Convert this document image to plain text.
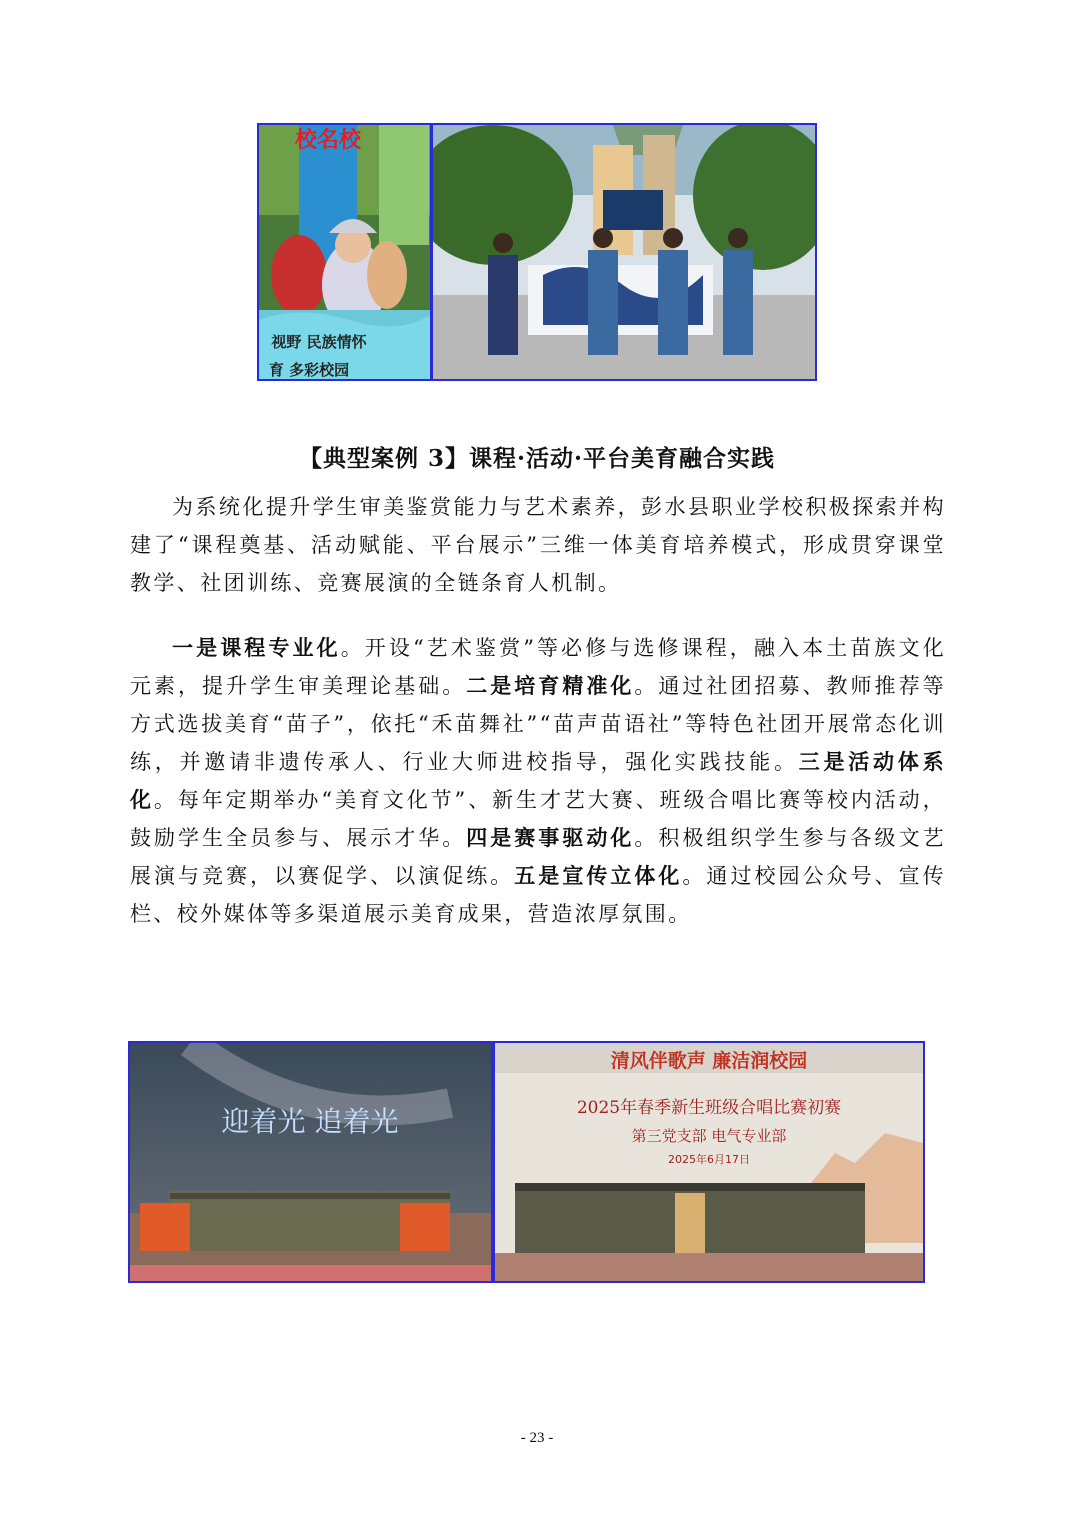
校名校
视野 民族情怀
育 多彩校园
【典型案例 3】课程·活动·平台美育融合实践
为系统化提升学生审美鉴赏能力与艺术素养，彭水县职业学校积极探索并构建了“课程奠基、活动赋能、平台展示”三维一体美育培养模式，形成贯穿课堂教学、社团训练、竞赛展演的全链条育人机制。
一是课程专业化。开设“艺术鉴赏”等必修与选修课程，融入本土苗族文化元素，提升学生审美理论基础。二是培育精准化。通过社团招募、教师推荐等方式选拔美育“苗子”，依托“禾苗舞社”“苗声苗语社”等特色社团开展常态化训练，并邀请非遗传承人、行业大师进校指导，强化实践技能。三是活动体系化。每年定期举办“美育文化节”、新生才艺大赛、班级合唱比赛等校内活动，鼓励学生全员参与、展示才华。四是赛事驱动化。积极组织学生参与各级文艺展演与竞赛，以赛促学、以演促练。五是宣传立体化。通过校园公众号、宣传栏、校外媒体等多渠道展示美育成果，营造浓厚氛围。
迎着光 追着光
清风伴歌声 廉洁润校园
2025年春季新生班级合唱比赛初赛
第三党支部 电气专业部
2025年6月17日
- 23 -
